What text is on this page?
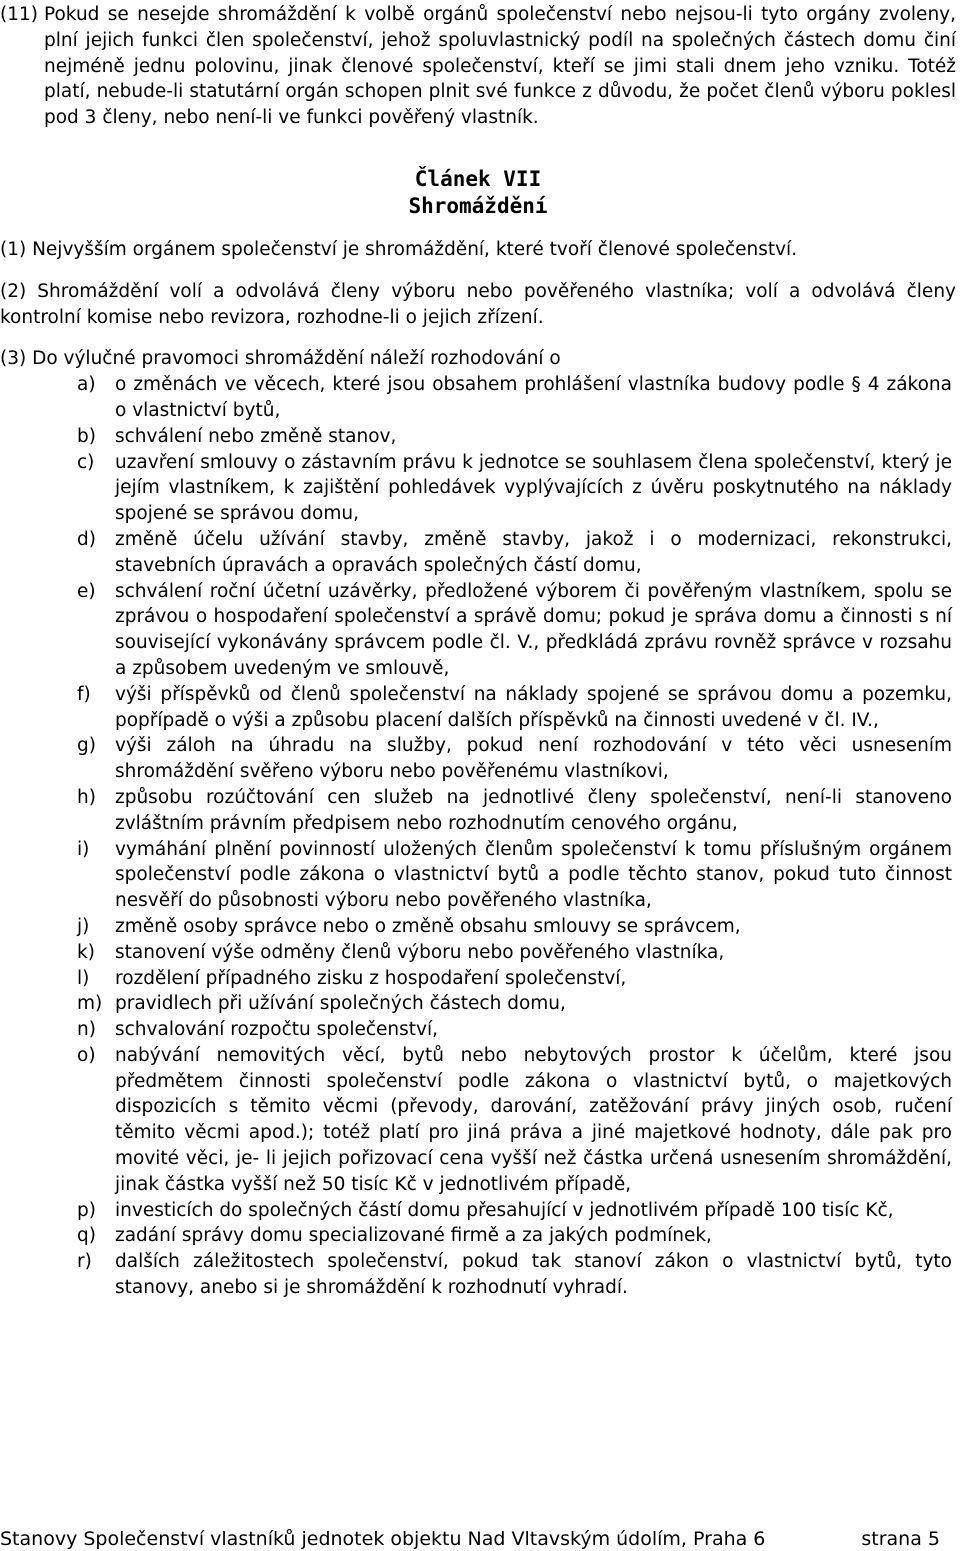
(11) Pokud se nesejde shromáždění k volbě orgánů společenství nebo nejsou-li tyto orgány zvoleny, plní jejich funkci člen společenství, jehož spoluvlastnický podíl na společných částech domu činí nejméně jednu polovinu, jinak členové společenství, kteří se jimi stali dnem jeho vzniku. Totéž platí, nebude-li statutární orgán schopen plnit své funkce z důvodu, že počet členů výboru poklesl pod 3 členy, nebo není-li ve funkci pověřený vlastník.
Článek VII
Shromáždění
(1) Nejvyšším orgánem společenství je shromáždění, které tvoří členové společenství.
(2) Shromáždění volí a odvolává členy výboru nebo pověřeného vlastníka; volí a odvolává členy kontrolní komise nebo revizora, rozhodne-li o jejich zřízení.
(3) Do výlučné pravomoci shromáždění náleží rozhodování o
a)	o změnách ve věcech, které jsou obsahem prohlášení vlastníka budovy podle § 4 zákona o vlastnictví bytů,
b)	schválení nebo změně stanov,
c)	uzavření smlouvy o zástavním právu k jednotce se souhlasem člena společenství, který je jejím vlastníkem, k zajištění pohledávek vyplývajících z úvěru poskytnutého na náklady spojené se správou domu,
d)	změně účelu užívání stavby, změně stavby, jakož i o modernizaci, rekonstrukci, stavebních úpravách a opravách společných částí domu,
e)	schválení roční účetní uzávěrky, předložené výborem či pověřeným vlastníkem, spolu se zprávou o hospodaření společenství a správě domu; pokud je správa domu a činnosti s ní související vykonávány správcem podle čl. V., předkládá zprávu rovněž správce v rozsahu a způsobem uvedeným ve smlouvě,
f)	výši příspěvků od členů společenství na náklady spojené se správou domu a pozemku, popřípadě o výši a způsobu placení dalších příspěvků na činnosti uvedené v čl. IV.,
g)	výši záloh na úhradu na služby, pokud není rozhodování v této věci usnesením shromáždění svěřeno výboru nebo pověřenému vlastníkovi,
h)	způsobu rozúčtování cen služeb na jednotlivé členy společenství, není-li stanoveno zvláštním právním předpisem nebo rozhodnutím cenového orgánu,
i)	vymáhání plnění povinností uložených členům společenství k tomu příslušným orgánem společenství podle zákona o vlastnictví bytů a podle těchto stanov, pokud tuto činnost nesvěří do působnosti výboru nebo pověřeného vlastníka,
j)	změně osoby správce nebo o změně obsahu smlouvy se správcem,
k)	stanovení výše odměny členů výboru nebo pověřeného vlastníka,
l)	rozdělení případného zisku z hospodaření společenství,
m) pravidlech při užívání společných částech domu,
n)	schvalování rozpočtu společenství,
o)	nabývání nemovitých věcí, bytů nebo nebytových prostor k účelům, které jsou předmětem činnosti společenství podle zákona o vlastnictví bytů, o majetkových dispozicích s těmito věcmi (převody, darování, zatěžování právy jiných osob, ručení těmito věcmi apod.); totéž platí pro jiná práva a jiné majetkové hodnoty, dále pak pro movité věci, je- li jejich pořizovací cena vyšší než částka určená usnesením shromáždění, jinak částka vyšší než 50 tisíc Kč v jednotlivém případě,
p)	investicích do společných částí domu přesahující v jednotlivém případě 100 tisíc Kč,
q)	zadání správy domu specializované firmě a za jakých podmínek,
r)	dalších záležitostech společenství, pokud tak stanoví zákon o vlastnictví bytů, tyto stanovy, anebo si je shromáždění k rozhodnutí vyhradí.
Stanovy Společenství vlastníků jednotek objektu Nad Vltavským údolím, Praha 6	strana 5
